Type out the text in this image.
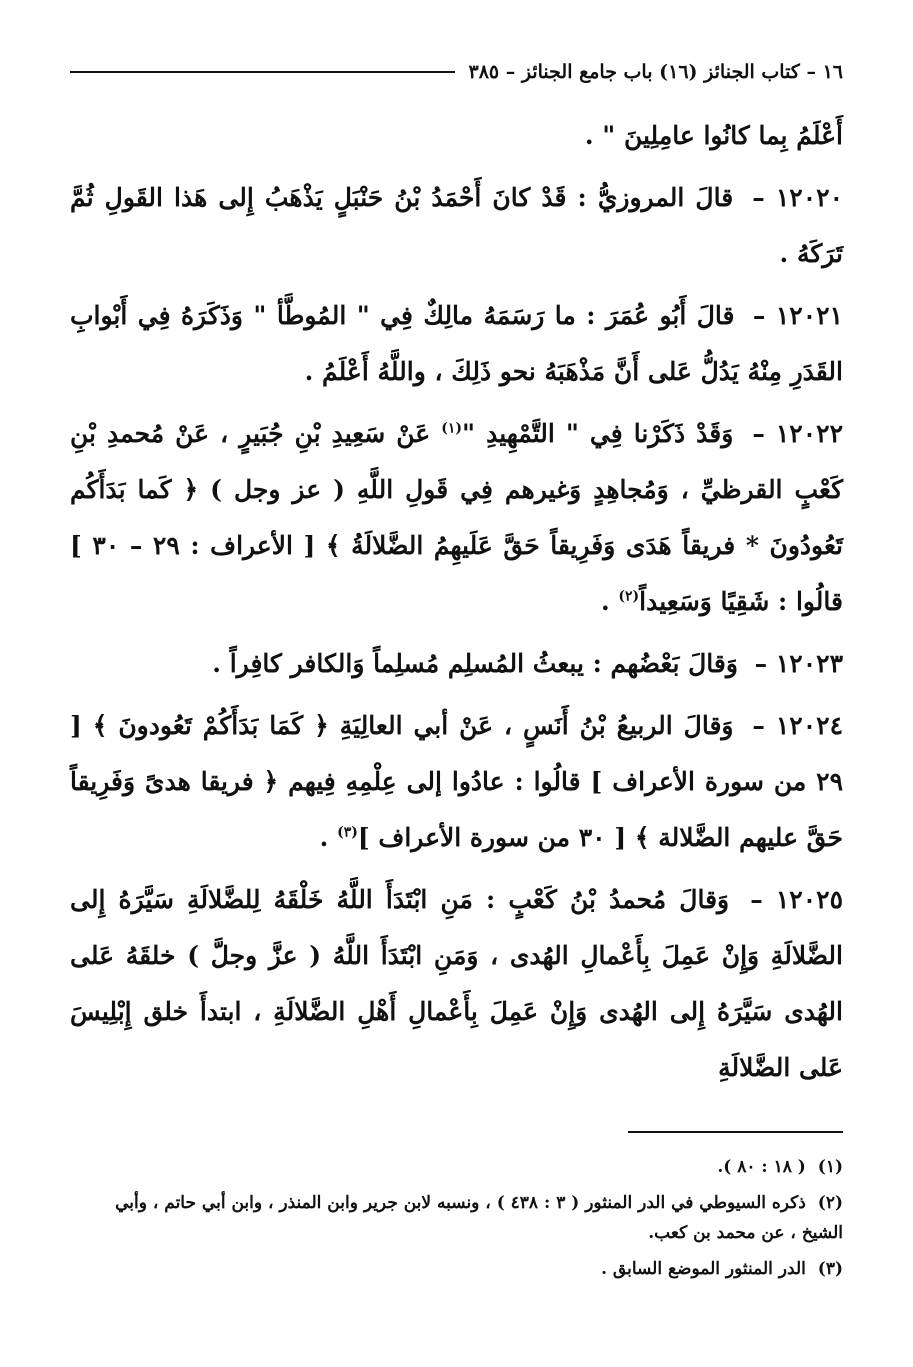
١٦ – كتاب الجنائز (١٦) باب جامع الجنائز – ٣٨٥

أَعْلَمُ بِما كانُوا عامِلِينَ " .

١٢٠٢٠ – قالَ المروزيُّ : قَدْ كانَ أَحْمَدُ بْنُ حَنْبَلٍ يَذْهَبُ إِلى هَذا القَولِ ثُمَّ تَرَكَهُ .

١٢٠٢١ – قالَ أَبُو عُمَرَ : ما رَسَمَهُ مالِكٌ فِي " المُوطَّأ " وَذَكَرَهُ فِي أَبْوابِ القَدَرِ مِنْهُ يَدُلُّ عَلى أَنَّ مَذْهَبَهُ نحو ذَلِكَ ، واللَّهُ أَعْلَمُ .

١٢٠٢٢ – وَقَدْ ذَكَرْنا فِي " التَّمْهِيدِ "$^{(١)}$ عَنْ سَعِيدِ بْنِ جُبَيرٍ ، عَنْ مُحمدِ بْنِ كَعْبٍ القرظيِّ ، وَمُجاهِدٍ وَغيرهم فِي قَولِ اللَّهِ ( عز وجل ) ﴿ كَما بَدَأَكُم تَعُودُونَ * فريقاً هَدَى وَفَرِيقاً حَقَّ عَلَيهِمُ الضَّلالَةُ ﴾ [ الأعراف : ٢٩ – ٣٠ ] قالُوا : شَقِيًا وَسَعِيداً$^{(٢)}$ .

١٢٠٢٣ – وَقالَ بَعْضُهم : يبعثُ المُسلِم مُسلِماً وَالكافر كافِراً .

١٢٠٢٤ – وَقالَ الربيعُ بْنُ أَنَسٍ ، عَنْ أبي العالِيَةِ ﴿ كَمَا بَدَأَكُمْ تَعُودونَ ﴾ [ ٢٩ من سورة الأعراف ] قالُوا : عادُوا إلى عِلْمِهِ فِيهم ﴿ فريقا هدىً وَفَرِيقاً حَقَّ عليهم الضَّلالة ﴾ [ ٣٠ من سورة الأعراف ]$^{(٣)}$ .

١٢٠٢٥ – وَقالَ مُحمدُ بْنُ كَعْبٍ : مَنِ ابْتَدَأَ اللَّهُ خَلْقَهُ لِلضَّلالَةِ سَيَّرَهُ إِلى الضَّلالَةِ وَإِنْ عَمِلَ بِأَعْمالِ الهُدى ، وَمَنِ ابْتَدَأَ اللَّهُ ( عزَّ وجلَّ ) خلقَهُ عَلى الهُدى سَيَّرَهُ إِلى الهُدى وَإِنْ عَمِلَ بِأَعْمالِ أَهْلِ الضَّلالَةِ ، ابتدأَ خلق إِبْلِيسَ عَلى الضَّلالَةِ

(١) ( ١٨ : ٨٠ ).

(٢) ذكره السيوطي في الدر المنثور ( ٣ : ٤٣٨ ) ، ونسبه لابن جرير وابن المنذر ، وابن أبي حاتم ، وأبي الشيخ ، عن محمد بن كعب.

(٣) الدر المنثور الموضع السابق .
